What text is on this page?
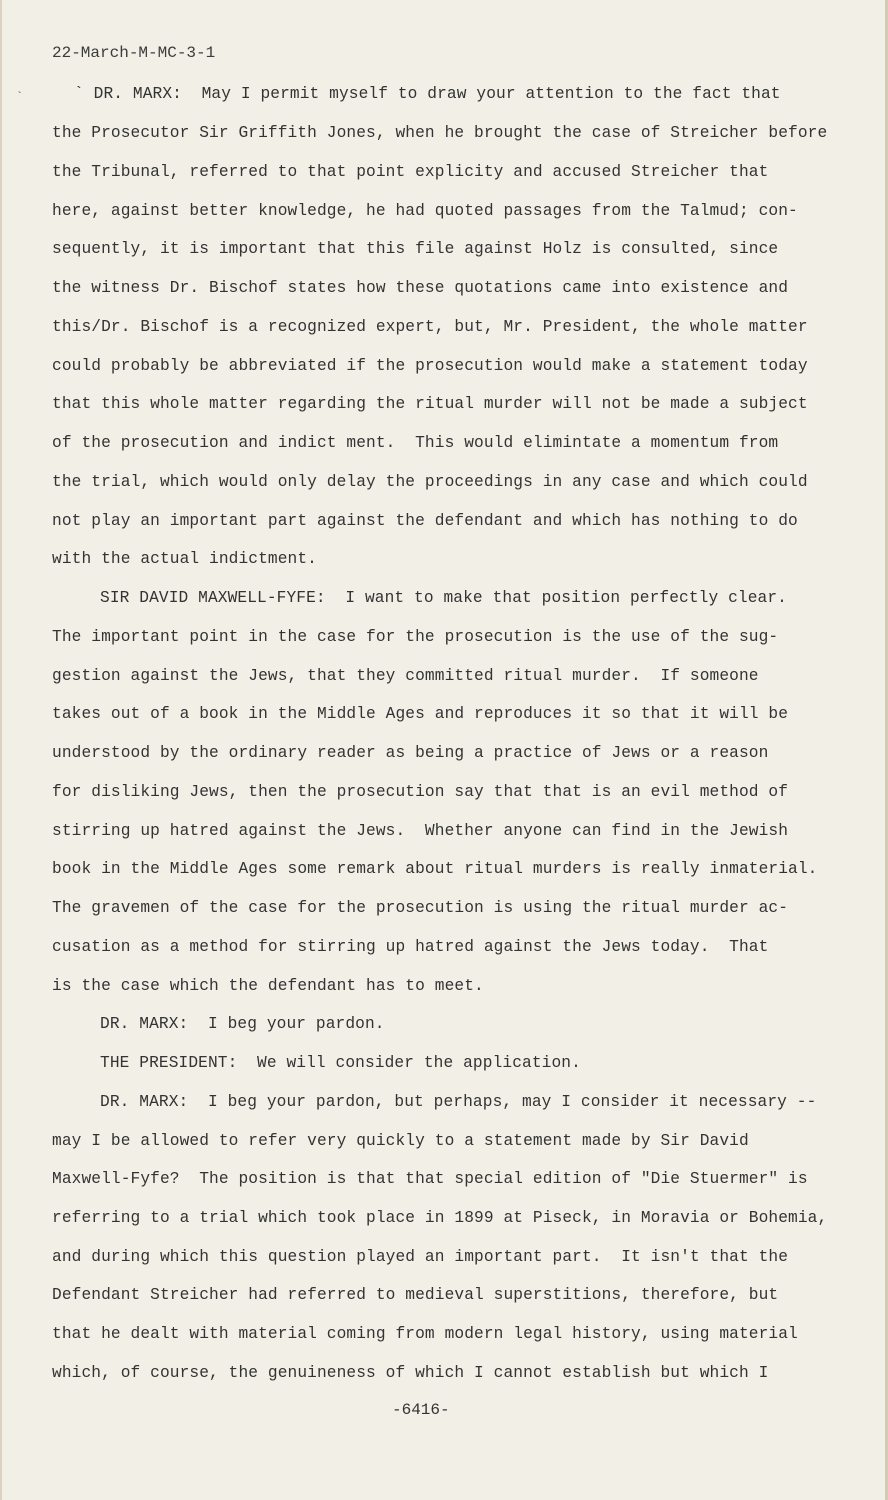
22-March-M-MC-3-1
`	` DR. MARX:  May I permit myself to draw your attention to the fact that
the Prosecutor Sir Griffith Jones, when he brought the case of Streicher before
the Tribunal, referred to that point explicity and accused Streicher that
here, against better knowledge, he had quoted passages from the Talmud; con-
sequently, it is important that this file against Holz is consulted, since
the witness Dr. Bischof states how these quotations came into existence and
this/Dr. Bischof is a recognized expert, but, Mr. President, the whole matter
could probably be abbreviated if the prosecution would make a statement today
that this whole matter regarding the ritual murder will not be made a subject
of the prosecution and indict ment.  This would elimintate a momentum from
the trial, which would only delay the proceedings in any case and which could
not play an important part against the defendant and which has nothing to do
with the actual indictment.
SIR DAVID MAXWELL-FYFE:  I want to make that position perfectly clear.
The important point in the case for the prosecution is the use of the sug-
gestion against the Jews, that they committed ritual murder.  If someone
takes out of a book in the Middle Ages and reproduces it so that it will be
understood by the ordinary reader as being a practice of Jews or a reason
for disliking Jews, then the prosecution say that that is an evil method of
stirring up hatred against the Jews.  Whether anyone can find in the Jewish
book in the Middle Ages some remark about ritual murders is really inmaterial.
The gravemen of the case for the prosecution is using the ritual murder ac-
cusation as a method for stirring up hatred against the Jews today.  That
is the case which the defendant has to meet.
DR. MARX:  I beg your pardon.
THE PRESIDENT:  We will consider the application.
DR. MARX:  I beg your pardon, but perhaps, may I consider it necessary --
may I be allowed to refer very quickly to a statement made by Sir David
Maxwell-Fyfe?  The position is that that special edition of "Die Stuermer" is
referring to a trial which took place in 1899 at Piseck, in Moravia or Bohemia,
and during which this question played an important part.  It isn't that the
Defendant Streicher had referred to medieval superstitions, therefore, but
that he dealt with material coming from modern legal history, using material
which, of course, the genuineness of which I cannot establish but which I
-6416-
